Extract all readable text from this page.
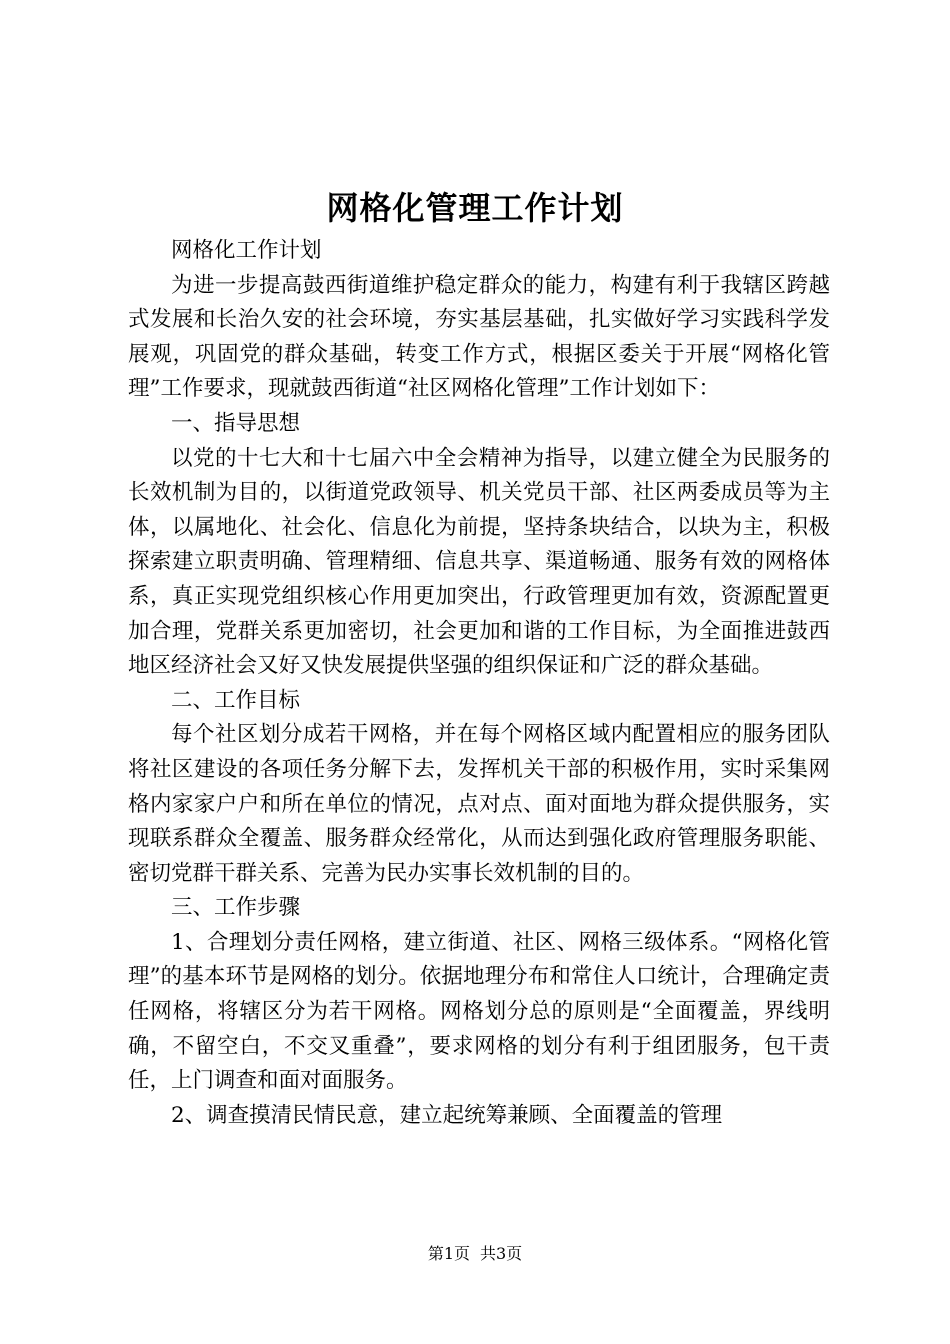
网格化管理工作计划

网格化工作计划

为进一步提高鼓西街道维护稳定群众的能力，构建有利于我辖区跨越式发展和长治久安的社会环境，夯实基层基础，扎实做好学习实践科学发展观，巩固党的群众基础，转变工作方式，根据区委关于开展“网格化管理”工作要求，现就鼓西街道“社区网格化管理”工作计划如下：

一、指导思想

以党的十七大和十七届六中全会精神为指导，以建立健全为民服务的长效机制为目的，以街道党政领导、机关党员干部、社区两委成员等为主体，以属地化、社会化、信息化为前提，坚持条块结合，以块为主，积极探索建立职责明确、管理精细、信息共享、渠道畅通、服务有效的网格体系，真正实现党组织核心作用更加突出，行政管理更加有效，资源配置更加合理，党群关系更加密切，社会更加和谐的工作目标，为全面推进鼓西地区经济社会又好又快发展提供坚强的组织保证和广泛的群众基础。

二、工作目标

每个社区划分成若干网格，并在每个网格区域内配置相应的服务团队将社区建设的各项任务分解下去，发挥机关干部的积极作用，实时采集网格内家家户户和所在单位的情况，点对点、面对面地为群众提供服务，实现联系群众全覆盖、服务群众经常化，从而达到强化政府管理服务职能、密切党群干群关系、完善为民办实事长效机制的目的。

三、工作步骤

1、合理划分责任网格，建立街道、社区、网格三级体系。“网格化管理”的基本环节是网格的划分。依据地理分布和常住人口统计，合理确定责任网格，将辖区分为若干网格。网格划分总的原则是“全面覆盖，界线明确，不留空白，不交叉重叠”，要求网格的划分有利于组团服务，包干责任，上门调查和面对面服务。

2、调查摸清民情民意，建立起统筹兼顾、全面覆盖的管理

第1页 共3页
